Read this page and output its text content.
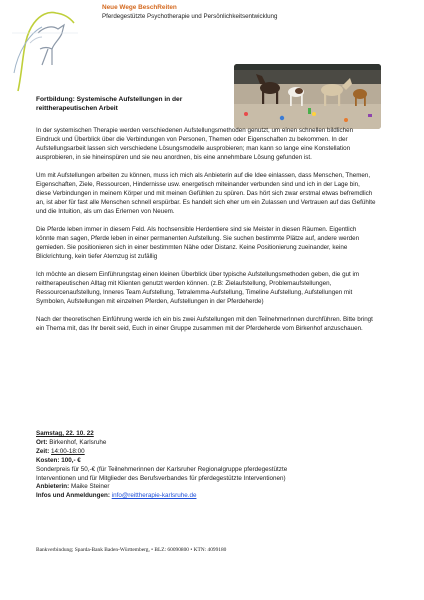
Neue Wege BeschReiten
Pferdegestützte Psychotherapie und Persönlichkeitsentwicklung
Fortbildung: Systemische Aufstellungen in der
reittherapeutischen Arbeit

In der systemischen Therapie werden verschiedenen Aufstellungsmethoden genutzt, um einen schnellen bildlichen Eindruck und Überblick über die Verbindungen von Personen, Themen oder Eigenschaften zu bekommen. In der Aufstellungsarbeit lassen sich verschiedene Lösungsmodelle ausprobieren; man kann so lange eine Konstellation ausprobieren, in sie hineinspüren und sie neu anordnen, bis eine annehmbare Lösung gefunden ist.

Um mit Aufstellungen arbeiten zu können, muss ich mich als Anbieterin auf die Idee einlassen, dass Menschen, Themen, Eigenschaften, Ziele, Ressourcen, Hindernisse usw. energetisch miteinander verbunden sind und ich in der Lage bin, diese Verbindungen in meinem Körper und mit meinen Gefühlen zu spüren. Das hört sich zwar erstmal etwas befremdlich an, ist aber für fast alle Menschen schnell erspürbar. Es handelt sich eher um ein Zulassen und Vertrauen auf das Gefühlte und die Intuition, als um das Erlernen von Neuem.

Die Pferde leben immer in diesem Feld. Als hochsensible Herdentiere sind sie Meister in diesen Räumen. Eigentlich könnte man sagen, Pferde leben in einer permanenten Aufstellung. Sie suchen bestimmte Plätze auf, andere werden gemieden. Sie positionieren sich in einer bestimmten Nähe oder Distanz. Keine Positionierung zueinander, keine Blickrichtung, kein tiefer Atemzug ist zufällig

Ich möchte an diesem Einführungstag einen kleinen Überblick über typische Aufstellungsmethoden geben, die gut im reittherapeutischen Alltag mit Klienten genutzt werden können. (z.B: Zielaufstellung, Problemaufstellungen, Ressourcenaufstellung, Inneres Team Aufstellung, Tetralemma-Aufstellung, Timeline Aufstellung, Aufstellungen mit Symbolen, Aufstellungen mit einzelnen Pferden, Aufstellungen in der Pferdeherde)

Nach der theoretischen Einführung werde ich ein bis zwei Aufstellungen mit den TeilnehmerInnen durchführen. Bitte bringt ein Thema mit, das Ihr bereit seid, Euch in einer Gruppe zusammen mit der Pferdeherde vom Birkenhof anzuschauen.

Samstag, 22. 10. 22
Ort: Birkenhof, Karlsruhe
Zeit: 14:00-18:00
Kosten: 100,- €
Sonderpreis für 50,-€ (für Teilnehmerinnen der Karlsruher Regionalgruppe pferdegestützte
Interventionen und für Mitglieder des Berufsverbandes für pferdegestützte Interventionen)
Anbieterin: Maike Steiner
Infos und Anmeldungen: info@reittherapie-karlsruhe.de
Bankverbindung; Sparda-Bank Baden-Württemberg, • BLZ: 60090800 • KTN: 4099180
